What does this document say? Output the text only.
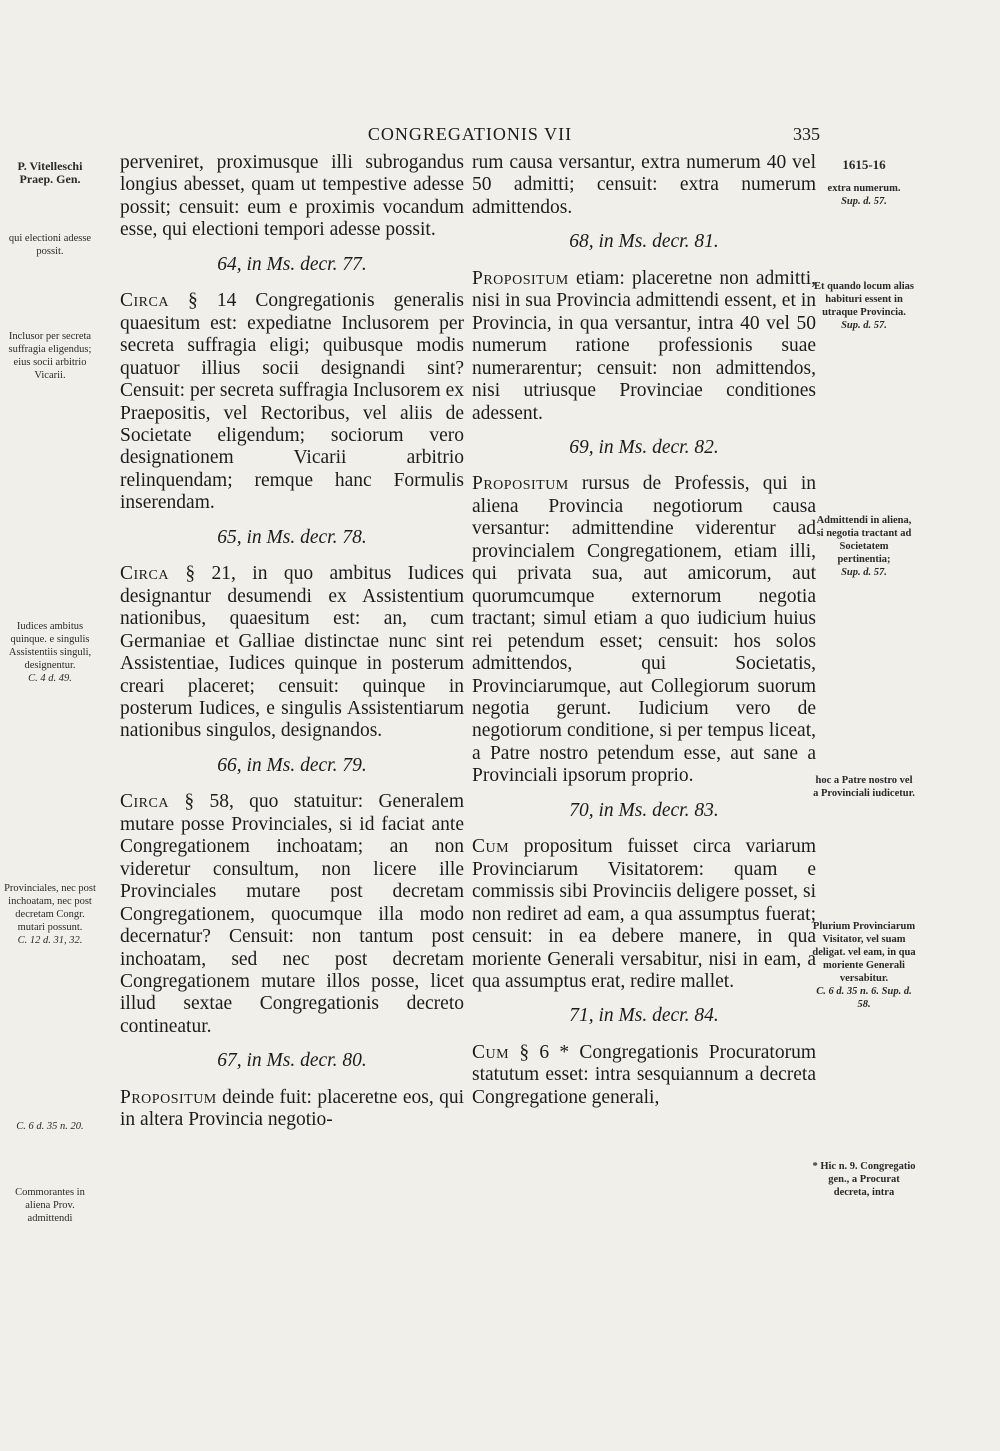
CONGREGATIONIS VII	335

perveniret, proximusque illi subrogandus longius abesset, quam ut tempestive adesse possit; censuit: eum e proximis vocandum esse, qui electioni tempori adesse possit.

64, in Ms. decr. 77.

Circa § 14 Congregationis generalis quaesitum est: expediatne Inclusorem per secreta suffragia eligi; quibusque modis quatuor illius socii designandi sint? Censuit: per secreta suffragia Inclusorem ex Praepositis, vel Rectoribus, vel aliis de Societate eligendum; sociorum vero designationem Vicarii arbitrio relinquendam; remque hanc Formulis inserendam.

65, in Ms. decr. 78.

Circa § 21, in quo ambitus Iudices designantur desumendi ex Assistentium nationibus, quaesitum est: an, cum Germaniae et Galliae distinctae nunc sint Assistentiae, Iudices quinque in posterum creari placeret; censuit: quinque in posterum Iudices, e singulis Assistentiarum nationibus singulos, designandos.

66, in Ms. decr. 79.

Circa § 58, quo statuitur: Generalem mutare posse Provinciales, si id faciat ante Congregationem inchoatam; an non videretur consultum, non licere ille Provinciales mutare post decretam Congregationem, quocumque illa modo decernatur? Censuit: non tantum post inchoatam, sed nec post decretam Congregationem mutare illos posse, licet illud sextae Congregationis decreto contineatur.

67, in Ms. decr. 80.

Propositum deinde fuit: placeretne eos, qui in altera Provincia negotio-

rum causa versantur, extra numerum 40 vel 50 admitti; censuit: extra numerum admittendos.

68, in Ms. decr. 81.

Propositum etiam: placeretne non admitti, nisi in sua Provincia admittendi essent, et in Provincia, in qua versantur, intra 40 vel 50 numerum ratione professionis suae numerarentur; censuit: non admittendos, nisi utriusque Provinciae conditiones adessent.

69, in Ms. decr. 82.

Propositum rursus de Professis, qui in aliena Provincia negotiorum causa versantur: admittendine viderentur ad provincialem Congregationem, etiam illi, qui privata sua, aut amicorum, aut quorumcumque externorum negotia tractant; simul etiam a quo iudicium huius rei petendum esset; censuit: hos solos admittendos, qui Societatis, Provinciarumque, aut Collegiorum suorum negotia gerunt. Iudicium vero de negotiorum conditione, si per tempus liceat, a Patre nostro petendum esse, aut sane a Provinciali ipsorum proprio.

70, in Ms. decr. 83.

Cum propositum fuisset circa variarum Provinciarum Visitatorem: quam e commissis sibi Provinciis deligere posset, si non rediret ad eam, a qua assumptus fuerat; censuit: in ea debere manere, in qua moriente Generali versabitur, nisi in eam, a qua assumptus erat, redire mallet.

71, in Ms. decr. 84.

Cum § 6 * Congregationis Procuratorum statutum esset: intra sesquiannum a decreta Congregatione generali,

P. Vitelleschi Praep. Gen.
qui electioni adesse possit.
Inclusor per secreta suffragia eligendus; eius socii arbitrio Vicarii.
Iudices ambitus quinque. e singulis Assistentiis singuli, designentur.
C. 4 d. 49.
Provinciales, nec post inchoatam, nec post decretam Congr. mutari possunt.
C. 12 d. 31, 32.
C. 6 d. 35 n. 20.
Commorantes in aliena Prov. admittendi
1615-16
extra numerum.
Sup. d. 57.
Et quando locum alias habituri essent in utraque Provincia.
Sup. d. 57.
Admittendi in aliena, si negotia tractant ad Societatem pertinentia;
Sup. d. 57.
hoc a Patre nostro vel a Provinciali iudicetur.
Plurium Provinciarum Visitator, vel suam deligat. vel eam, in qua moriente Generali versabitur.
C. 6 d. 35 n. 6. Sup. d. 58.
* Hic n. 9. Congregatio gen., a Procurat decreta, intra
